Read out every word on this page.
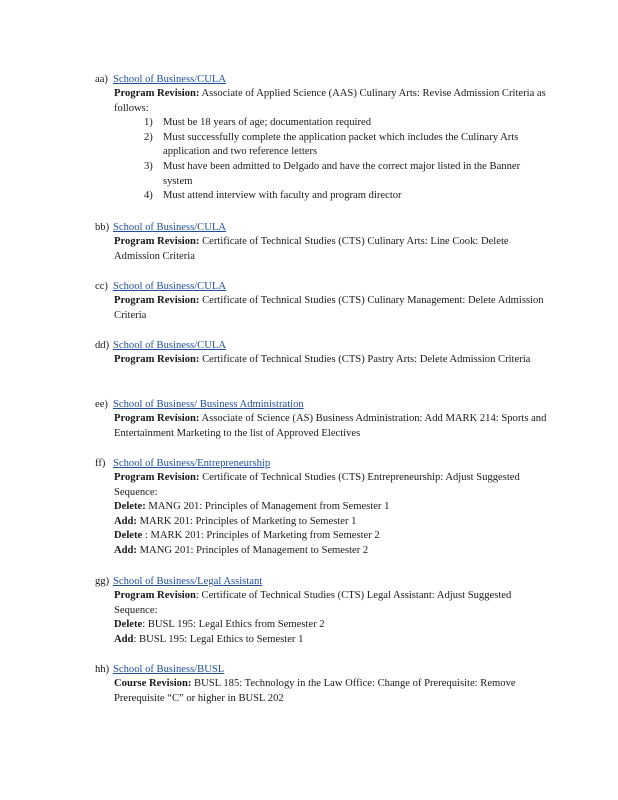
aa) School of Business/CULA

Program Revision: Associate of Applied Science (AAS) Culinary Arts: Revise Admission Criteria as follows:

1) Must be 18 years of age; documentation required
2) Must successfully complete the application packet which includes the Culinary Arts application and two reference letters
3) Must have been admitted to Delgado and have the correct major listed in the Banner system
4) Must attend interview with faculty and program director
bb) School of Business/CULA

Program Revision: Certificate of Technical Studies (CTS) Culinary Arts: Line Cook: Delete Admission Criteria

cc) School of Business/CULA

Program Revision: Certificate of Technical Studies (CTS) Culinary Management: Delete Admission Criteria

dd) School of Business/CULA

Program Revision: Certificate of Technical Studies (CTS) Pastry Arts: Delete Admission Criteria

ee) School of Business/ Business Administration

Program Revision: Associate of Science (AS) Business Administration: Add MARK 214: Sports and Entertainment Marketing to the list of Approved Electives

ff) School of Business/Entrepreneurship

Program Revision: Certificate of Technical Studies (CTS) Entrepreneurship: Adjust Suggested Sequence:

Delete: MANG 201: Principles of Management from Semester 1
Add: MARK 201: Principles of Marketing to Semester 1
Delete : MARK 201: Principles of Marketing from Semester 2
Add: MANG 201: Principles of Management to Semester 2
gg) School of Business/Legal Assistant

Program Revision: Certificate of Technical Studies (CTS) Legal Assistant: Adjust Suggested Sequence:

Delete: BUSL 195: Legal Ethics from Semester 2
Add: BUSL 195: Legal Ethics to Semester 1
hh) School of Business/BUSL

Course Revision: BUSL 185: Technology in the Law Office: Change of Prerequisite: Remove Prerequisite “C” or higher in BUSL 202
